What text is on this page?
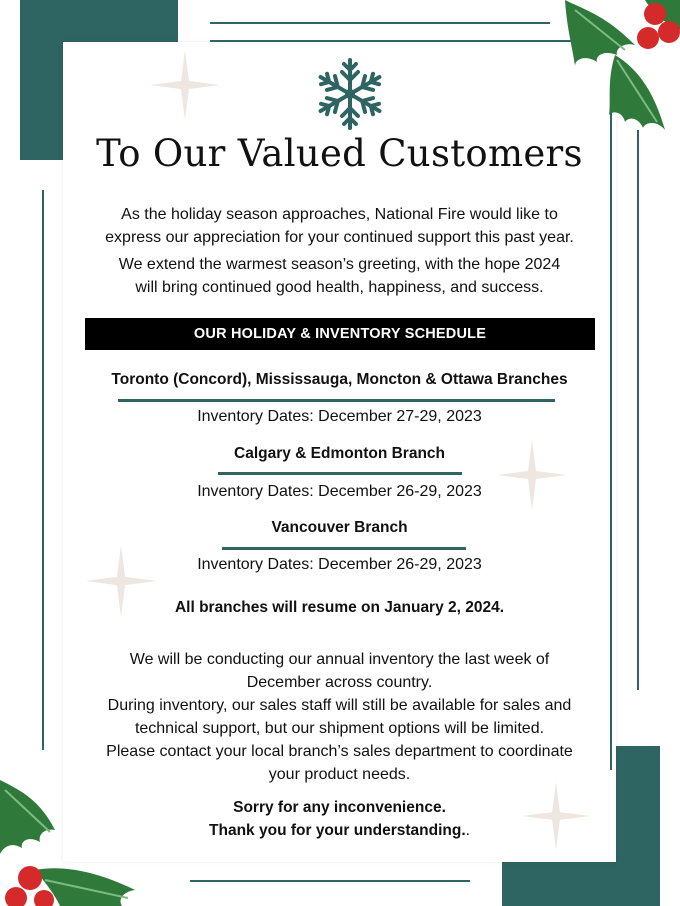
To Our Valued Customers
As the holiday season approaches, National Fire would like to
express our appreciation for your continued support this past year.
We extend the warmest season’s greeting, with the hope 2024
will bring continued good health, happiness, and success.
OUR HOLIDAY & INVENTORY SCHEDULE
Toronto (Concord), Mississauga, Moncton & Ottawa Branches
Inventory Dates: December 27-29, 2023
Calgary & Edmonton Branch
Inventory Dates: December 26-29, 2023
Vancouver Branch
Inventory Dates: December 26-29, 2023
All branches will resume on January 2, 2024.
We will be conducting our annual inventory the last week of
December across country.
During inventory, our sales staff will still be available for sales and
technical support, but our shipment options will be limited.
Please contact your local branch’s sales department to coordinate
your product needs.
Sorry for any inconvenience.
Thank you for your understanding..
